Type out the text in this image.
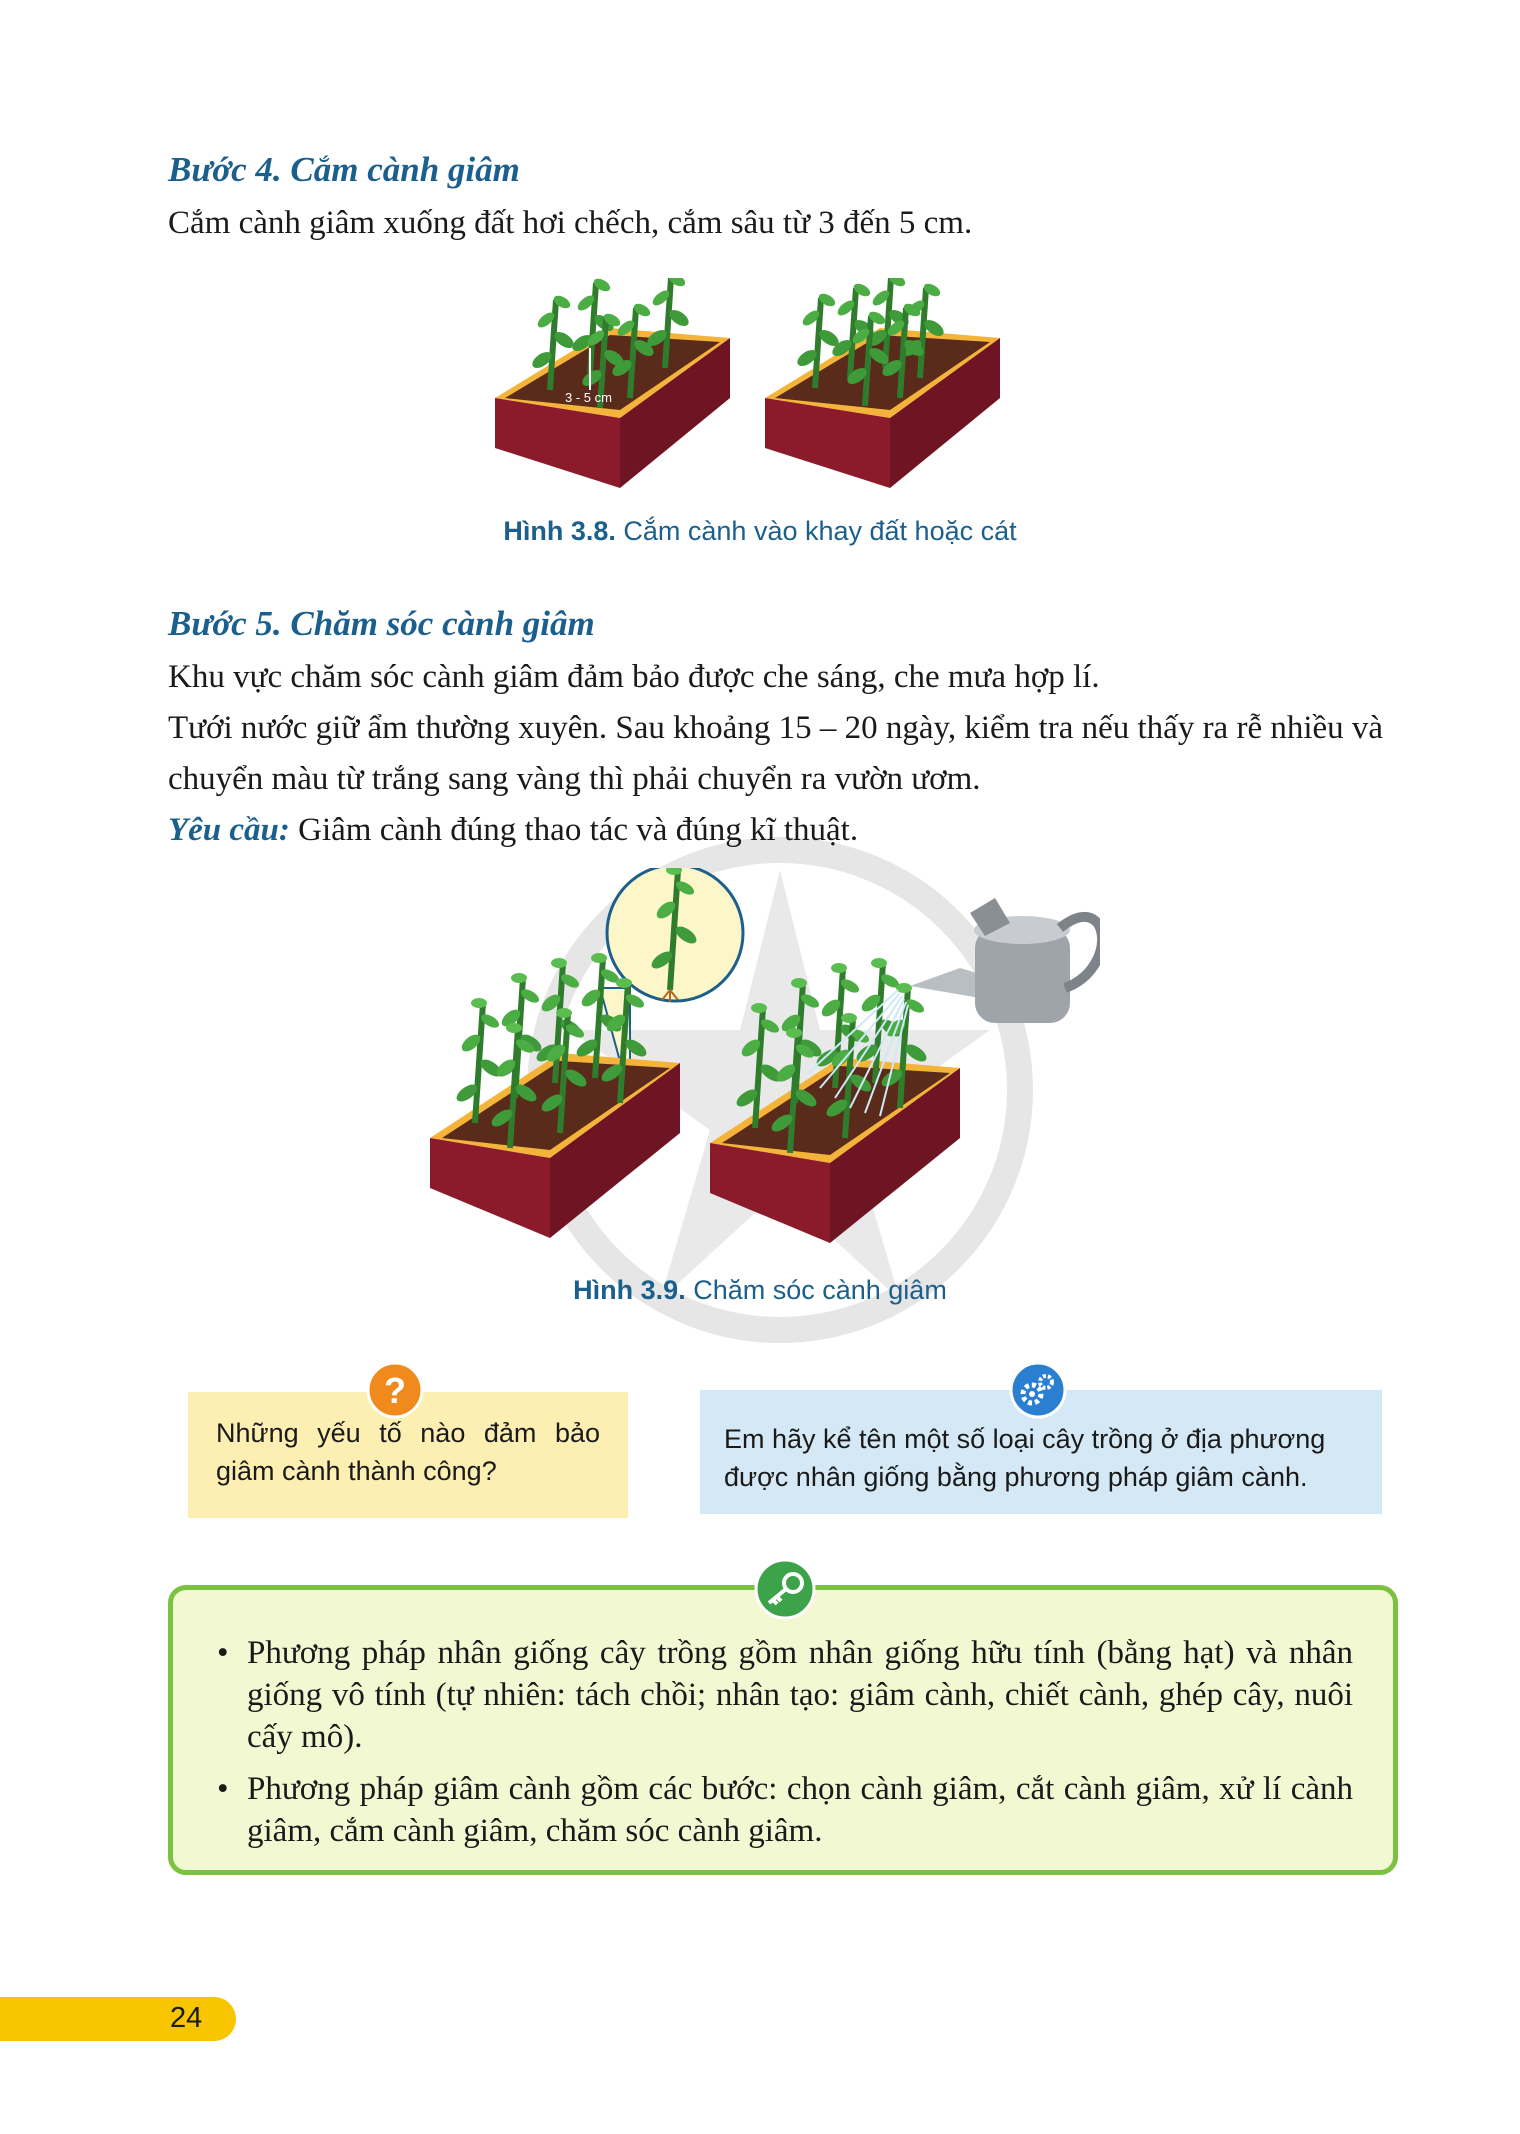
Bước 4. Cắm cành giâm

Cắm cành giâm xuống đất hơi chếch, cắm sâu từ 3 đến 5 cm.

3 - 5 cm

Hình 3.8. Cắm cành vào khay đất hoặc cát

Bước 5. Chăm sóc cành giâm

Khu vực chăm sóc cành giâm đảm bảo được che sáng, che mưa hợp lí.

Tưới nước giữ ẩm thường xuyên. Sau khoảng 15 – 20 ngày, kiểm tra nếu thấy ra rễ nhiều và chuyển màu từ trắng sang vàng thì phải chuyển ra vườn ươm.

Yêu cầu: Giâm cành đúng thao tác và đúng kĩ thuật.

Hình 3.9. Chăm sóc cành giâm

Những yếu tố nào đảm bảo giâm cành thành công?
?
Em hãy kể tên một số loại cây trồng ở địa phương được nhân giống bằng phương pháp giâm cành.
• Phương pháp nhân giống cây trồng gồm nhân giống hữu tính (bằng hạt) và nhân giống vô tính (tự nhiên: tách chồi; nhân tạo: giâm cành, chiết cành, ghép cây, nuôi cấy mô).
• Phương pháp giâm cành gồm các bước: chọn cành giâm, cắt cành giâm, xử lí cành giâm, cắm cành giâm, chăm sóc cành giâm.
24
